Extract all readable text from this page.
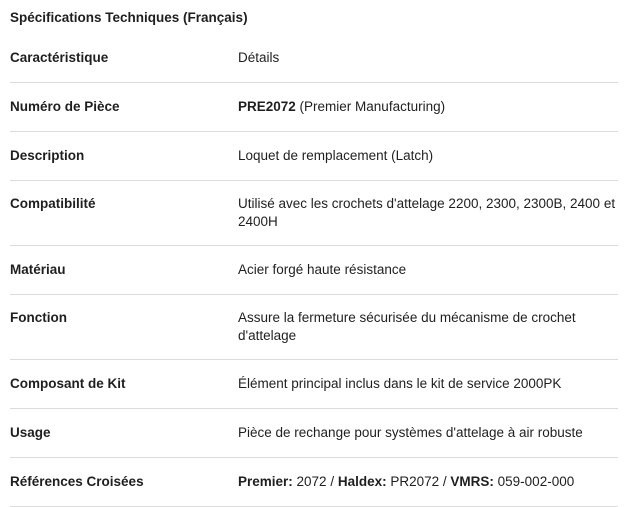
Spécifications Techniques (Français)
Caractéristique	Détails

Numéro de Pièce	PRE2072 (Premier Manufacturing)

Description	Loquet de remplacement (Latch)

Compatibilité	Utilisé avec les crochets d'attelage 2200, 2300, 2300B, 2400 et 2400H

Matériau	Acier forgé haute résistance

Fonction	Assure la fermeture sécurisée du mécanisme de crochet d'attelage

Composant de Kit	Élément principal inclus dans le kit de service 2000PK

Usage	Pièce de rechange pour systèmes d'attelage à air robuste

Références Croisées	Premier: 2072 / Haldex: PR2072 / VMRS: 059-002-000
